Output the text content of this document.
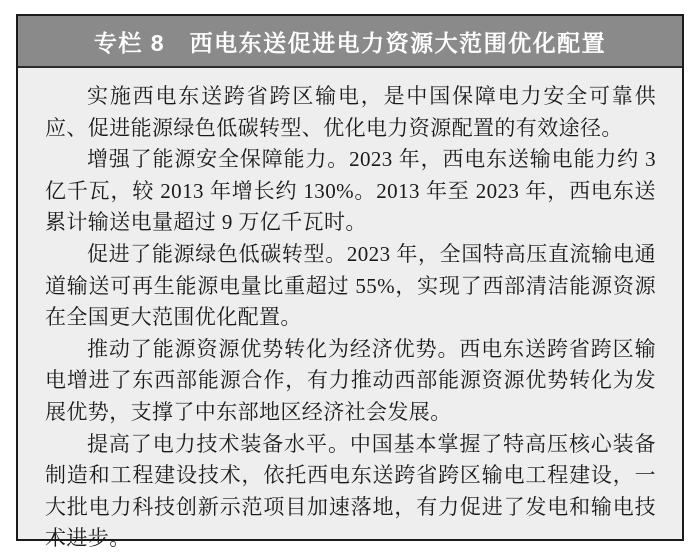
专栏 8　西电东送促进电力资源大范围优化配置

实施西电东送跨省跨区输电，是中国保障电力安全可靠供应、促进能源绿色低碳转型、优化电力资源配置的有效途径。

增强了能源安全保障能力。2023 年，西电东送输电能力约 3 亿千瓦，较 2013 年增长约 130%。2013 年至 2023 年，西电东送累计输送电量超过 9 万亿千瓦时。

促进了能源绿色低碳转型。2023 年，全国特高压直流输电通道输送可再生能源电量比重超过 55%，实现了西部清洁能源资源在全国更大范围优化配置。

推动了能源资源优势转化为经济优势。西电东送跨省跨区输电增进了东西部能源合作，有力推动西部能源资源优势转化为发展优势，支撑了中东部地区经济社会发展。

提高了电力技术装备水平。中国基本掌握了特高压核心装备制造和工程建设技术，依托西电东送跨省跨区输电工程建设，一大批电力科技创新示范项目加速落地，有力促进了发电和输电技术进步。
